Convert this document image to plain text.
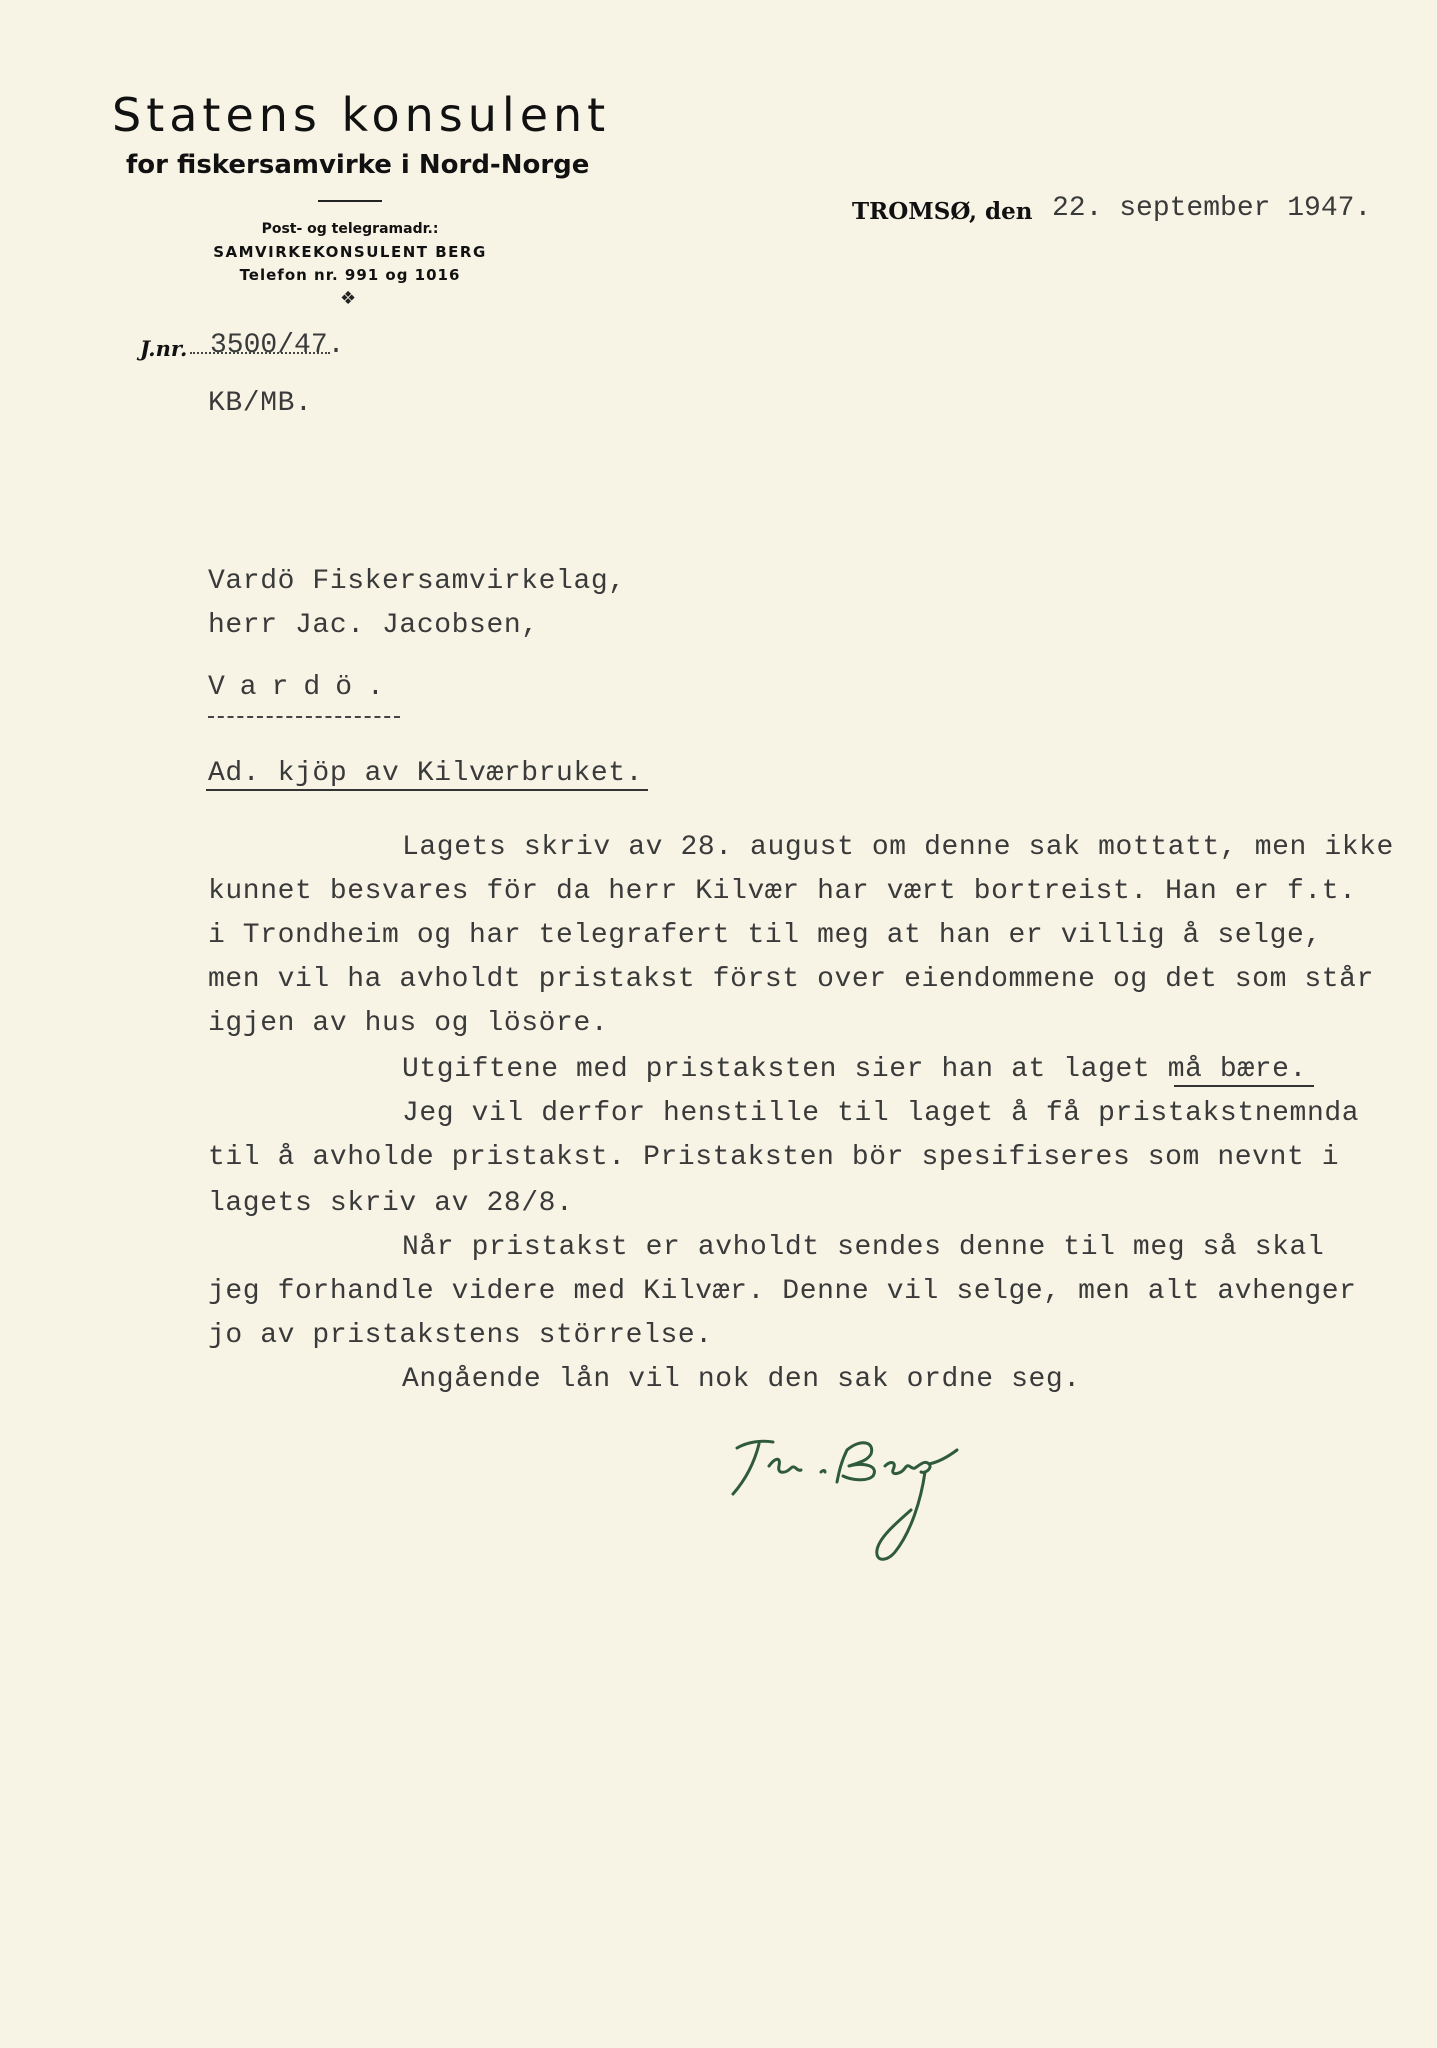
Statens konsulent
for fiskersamvirke i Nord-Norge
Post- og telegramadr.:
SAMVIRKEKONSULENT BERG
Telefon nr. 991 og 1016
❖
TROMSØ, den 22. september 1947.
J.nr. 3500/47.
KB/MB.
Vardö Fiskersamvirkelag,
herr Jac. Jacobsen,
Vardö.
Ad. kjöp av Kilværbruket.
Lagets skriv av 28. august om denne sak mottatt, men ikke
kunnet besvares för da herr Kilvær har vært bortreist. Han er f.t.
i Trondheim og har telegrafert til meg at han er villig å selge,
men vil ha avholdt pristakst först over eiendommene og det som står
igjen av hus og lösöre.
Utgiftene med pristaksten sier han at laget må bære.
Jeg vil derfor henstille til laget å få pristakstnemnda
til å avholde pristakst. Pristaksten bör spesifiseres som nevnt i
lagets skriv av 28/8.
Når pristakst er avholdt sendes denne til meg så skal
jeg forhandle videre med Kilvær. Denne vil selge, men alt avhenger
jo av pristakstens störrelse.
Angående lån vil nok den sak ordne seg.
